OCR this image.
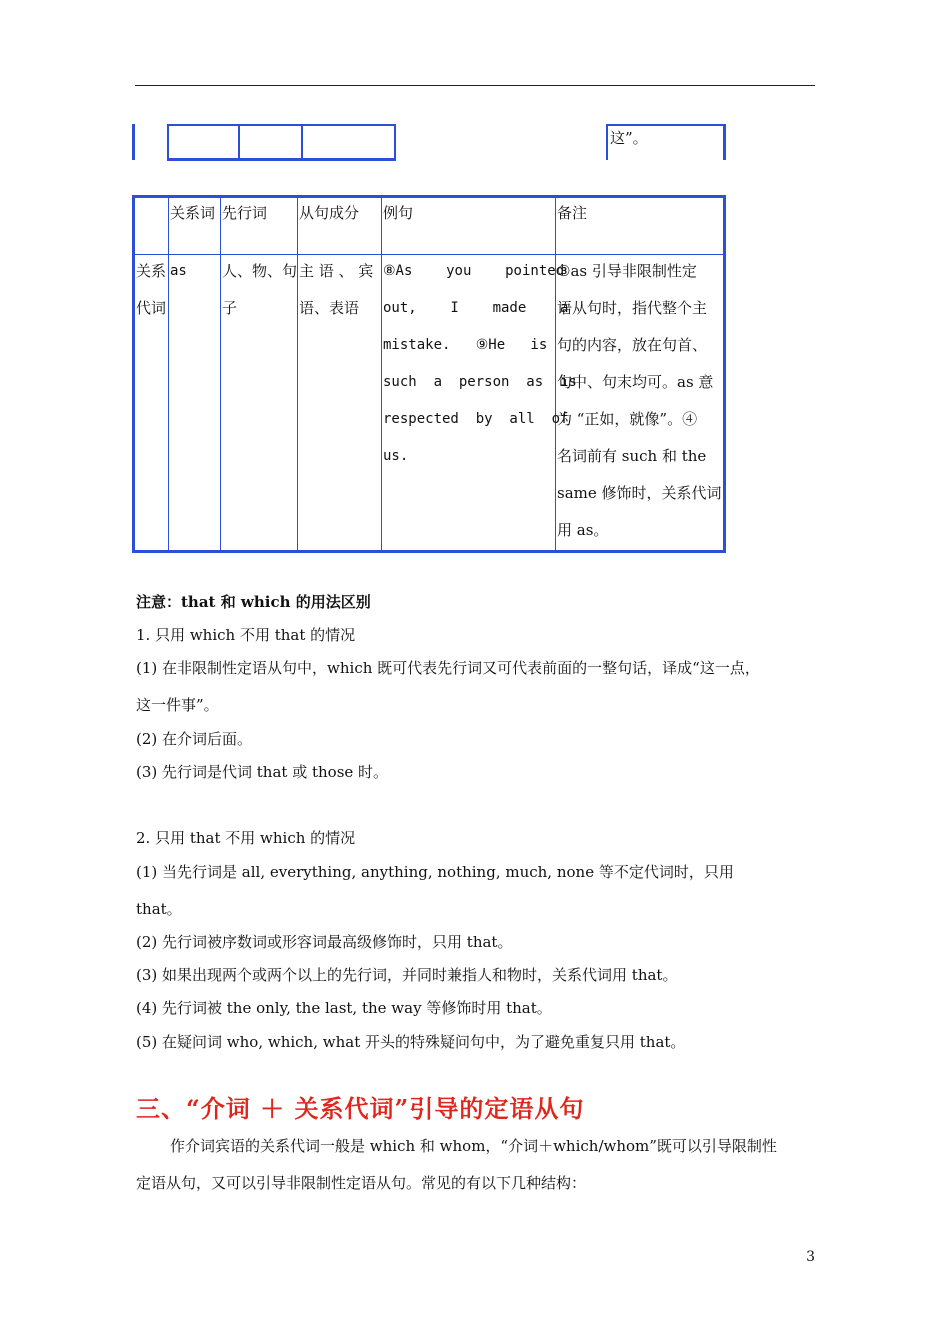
这”。
关系词 先行词 从句成分 例句	备注
关系
代词
as 人、物、句
子
主 语 、 宾
语、表语
⑧As    you    pointed
out,    I    made    a
mistake.   ⑨He   is
such  a  person  as  is
respected  by  all  of
us.
③as 引导非限制性定
语从句时，指代整个主
句的内容，放在句首、
句中、句末均可。as 意
为 “正如，就像”。④
名词前有 such 和 the
same 修饰时，关系代词
用 as。
注意：that 和 which 的用法区别
1. 只用 which 不用 that 的情况
(1) 在非限制性定语从句中，which 既可代表先行词又可代表前面的一整句话，译成“这一点，
这一件事”。
(2) 在介词后面。
(3) 先行词是代词 that 或 those 时。
2. 只用 that 不用 which 的情况
(1) 当先行词是 all, everything, anything, nothing, much, none 等不定代词时，只用
that。
(2) 先行词被序数词或形容词最高级修饰时，只用 that。
(3) 如果出现两个或两个以上的先行词，并同时兼指人和物时，关系代词用 that。
(4) 先行词被 the only, the last, the way 等修饰时用 that。
(5) 在疑问词 who, which, what 开头的特殊疑问句中，为了避免重复只用 that。
三、“介词 ＋ 关系代词”引导的定语从句
作介词宾语的关系代词一般是 which 和 whom，“介词＋which/whom”既可以引导限制性
定语从句，又可以引导非限制性定语从句。常见的有以下几种结构：
3
